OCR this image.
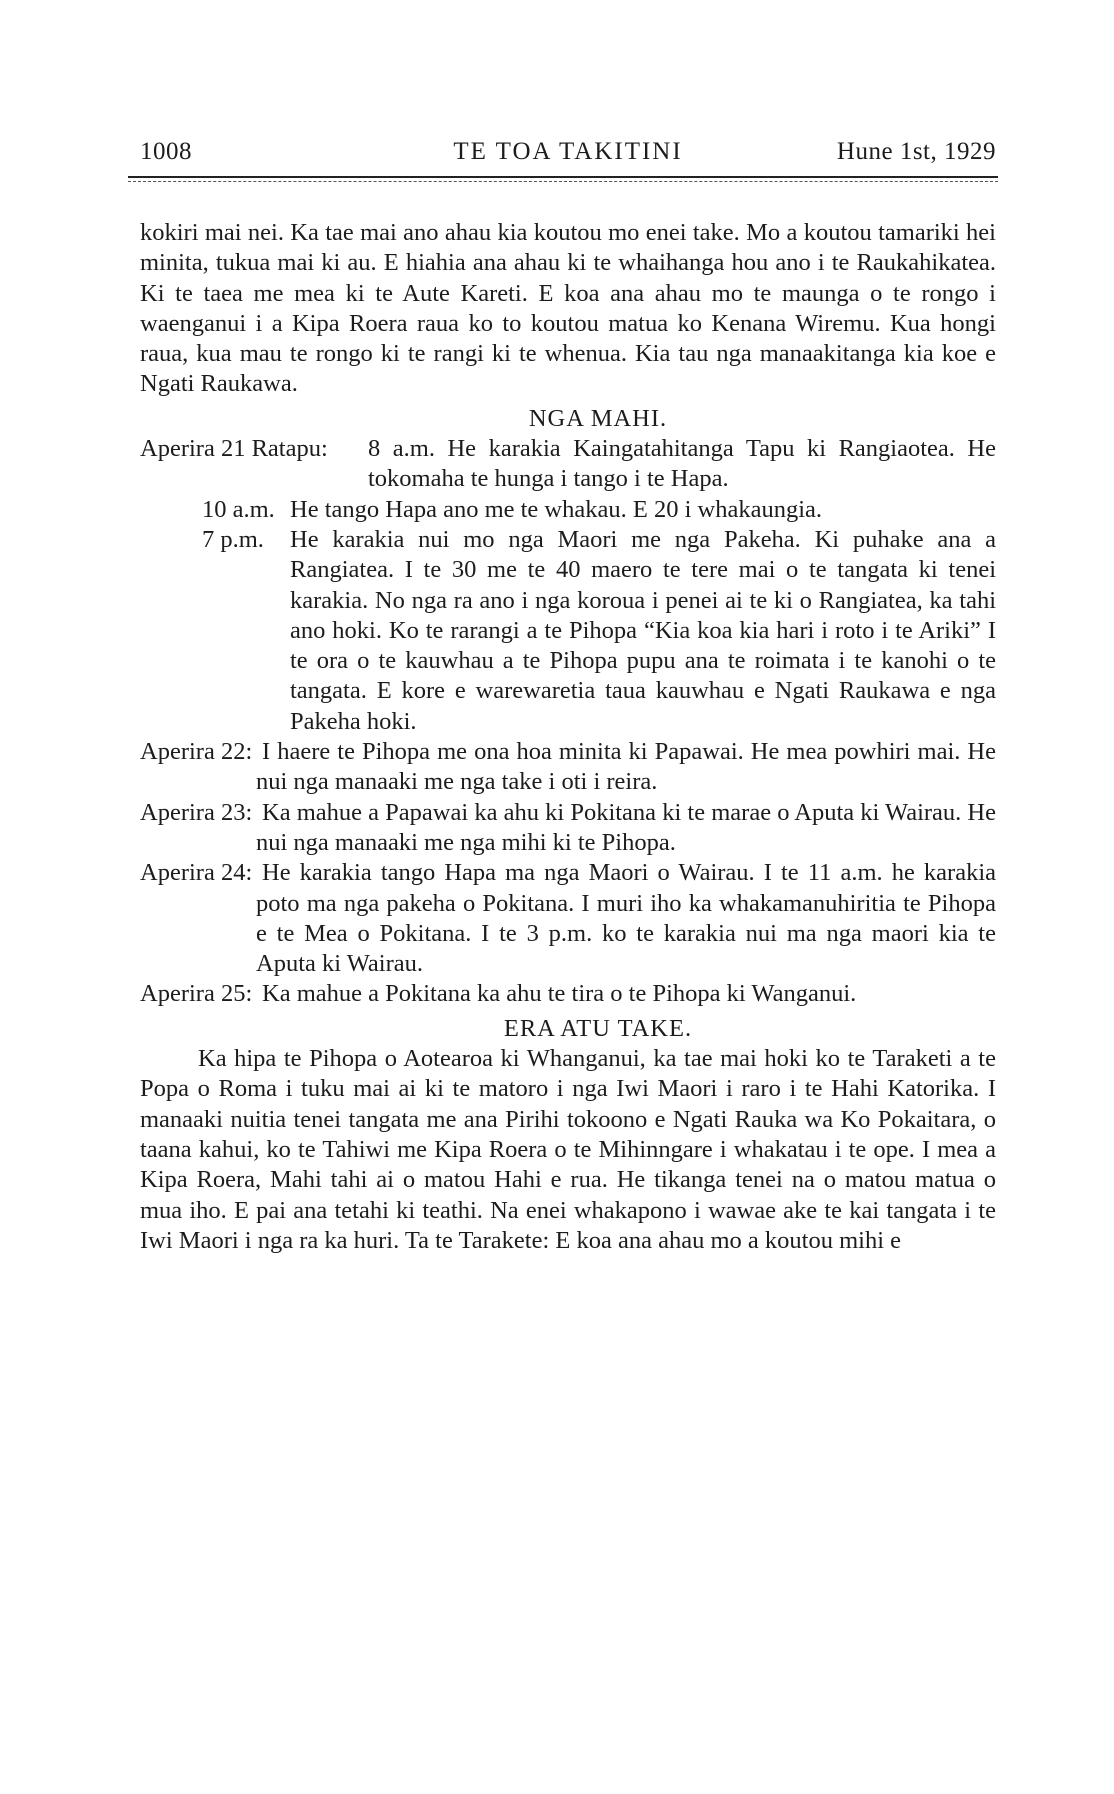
1008	TE TOA TAKITINI	Hune 1st, 1929

kokiri mai nei. Ka tae mai ano ahau kia koutou mo enei take. Mo a koutou tamariki hei minita, tukua mai ki au. E hiahia ana ahau ki te whaihanga hou ano i te Raukahikatea. Ki te taea me mea ki te Aute Kareti. E koa ana ahau mo te maunga o te rongo i waenganui i a Kipa Roera raua ko to koutou matua ko Kenana Wiremu. Kua hongi raua, kua mau te rongo ki te rangi ki te whenua. Kia tau nga manaakitanga kia koe e Ngati Raukawa.

NGA MAHI.
Aperira 21 Ratapu: 8 a.m. He karakia Kaingatahitanga Tapu ki Rangiaotea. He tokomaha te hunga i tango i te Hapa.
10 a.m. He tango Hapa ano me te whakau. E 20 i whakaungia.
7 p.m. He karakia nui mo nga Maori me nga Pakeha. Ki puhake ana a Rangiatea. I te 30 me te 40 maero te tere mai o te tangata ki tenei karakia. No nga ra ano i nga koroua i penei ai te ki o Rangiatea, ka tahi ano hoki. Ko te rarangi a te Pihopa “Kia koa kia hari i roto i te Ariki” I te ora o te kauwhau a te Pihopa pupu ana te roimata i te kanohi o te tangata. E kore e warewaretia taua kauwhau e Ngati Raukawa e nga Pakeha hoki.
Aperira 22: I haere te Pihopa me ona hoa minita ki Papawai. He mea powhiri mai. He nui nga manaaki me nga take i oti i reira.
Aperira 23: Ka mahue a Papawai ka ahu ki Pokitana ki te marae o Aputa ki Wairau. He nui nga manaaki me nga mihi ki te Pihopa.
Aperira 24: He karakia tango Hapa ma nga Maori o Wairau. I te 11 a.m. he karakia poto ma nga pakeha o Pokitana. I muri iho ka whakamanuhiritia te Pihopa e te Mea o Pokitana. I te 3 p.m. ko te karakia nui ma nga maori kia te Aputa ki Wairau.
Aperira 25: Ka mahue a Pokitana ka ahu te tira o te Pihopa ki Wanganui.
ERA ATU TAKE.

Ka hipa te Pihopa o Aotearoa ki Whanganui, ka tae mai hoki ko te Taraketi a te Popa o Roma i tuku mai ai ki te matoro i nga Iwi Maori i raro i te Hahi Katorika. I manaaki nuitia tenei tangata me ana Pirihi tokoono e Ngati Rauka wa Ko Pokaitara, o taana kahui, ko te Tahiwi me Kipa Roera o te Mihinngare i whakatau i te ope. I mea a Kipa Roera, Mahi tahi ai o matou Hahi e rua. He tikanga tenei na o matou matua o mua iho. E pai ana tetahi ki teathi. Na enei whakapono i wawae ake te kai tangata i te Iwi Maori i nga ra ka huri. Ta te Tarakete: E koa ana ahau mo a koutou mihi e
